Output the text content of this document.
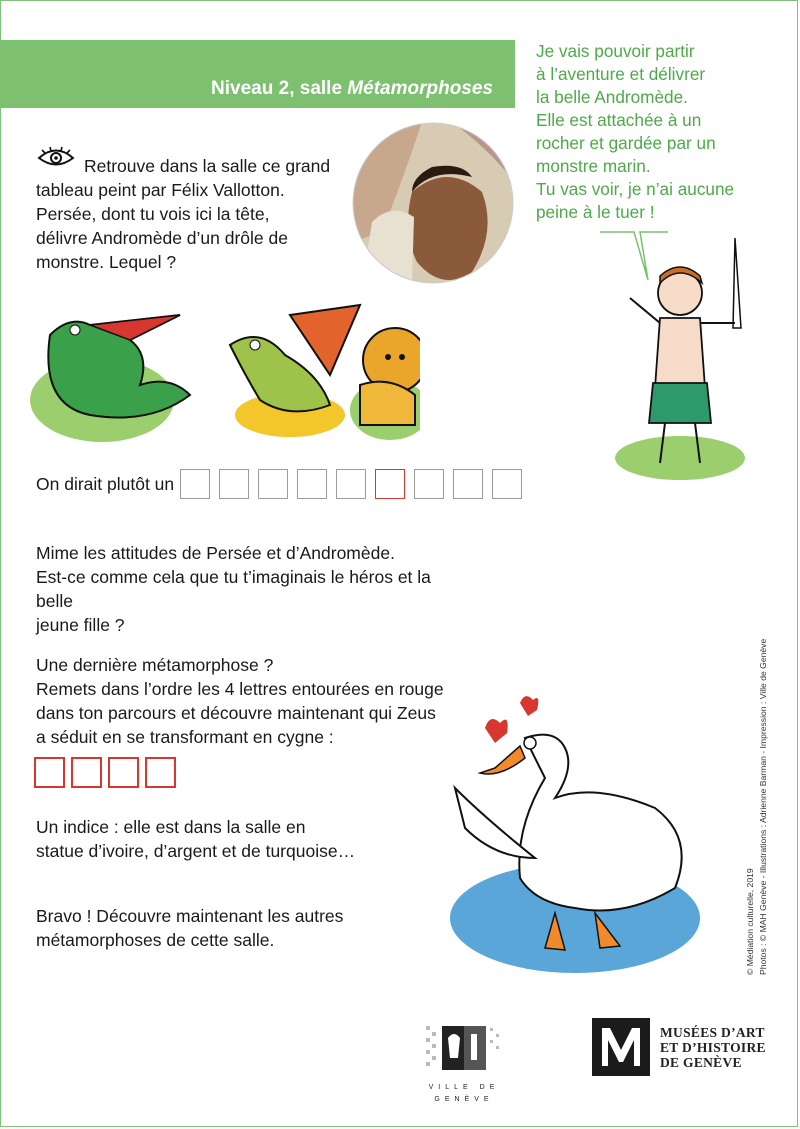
Niveau 2, salle Métamorphoses
Je vais pouvoir partir
à l’aventure et délivrer
la belle Andromède.
Elle est attachée à un
rocher et gardée par un
monstre marin.
Tu vas voir, je n’ai aucune
peine à le tuer !
Retrouve dans la salle ce grand
tableau peint par Félix Vallotton.
Persée, dont tu vois ici la tête,
délivre Andromède d’un drôle de
monstre. Lequel ?
On dirait plutôt un
Mime les attitudes de Persée et d’Andromède.
Est-ce comme cela que tu t’imaginais le héros et la belle
jeune fille ?
Une dernière métamorphose ?
Remets dans l’ordre les 4 lettres entourées en rouge
dans ton parcours et découvre maintenant qui Zeus
a séduit en se transformant en cygne :
Un indice : elle est dans la salle en
statue d’ivoire, d’argent et de turquoise…
Bravo ! Découvre maintenant les autres
métamorphoses de cette salle.	© Médiation culturelle, 2019 Photos : © MAH Genève - Illustrations : Adrienne Barman - Impression : Ville de Genève
VILLE DE
GENÈVE
MUSÉES D’ART
ET D’HISTOIRE
DE GENÈVE
